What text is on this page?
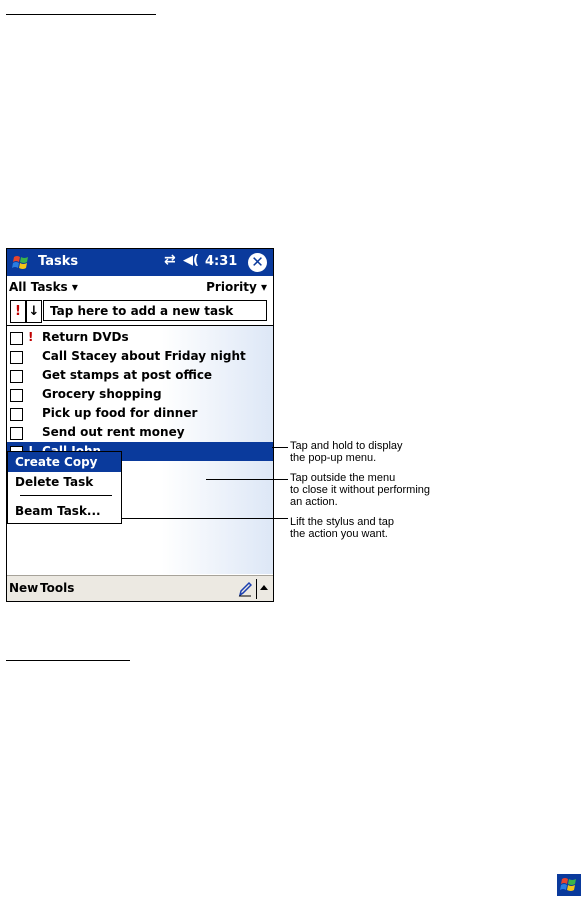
Tasks	⇄ ◀( 4:31 ✕
All Tasks ▾	Priority ▾
! ↓ Tap here to add a new task
! Return DVDs
Call Stacey about Friday night
Get stamps at post office
Grocery shopping
Pick up food for dinner
Send out rent money
Create Copy
Delete Task
Beam Task...
New Tools
Tap and hold to display
the pop-up menu.
Tap outside the menu
to close it without performing
an action.
Lift the stylus and tap
the action you want.
